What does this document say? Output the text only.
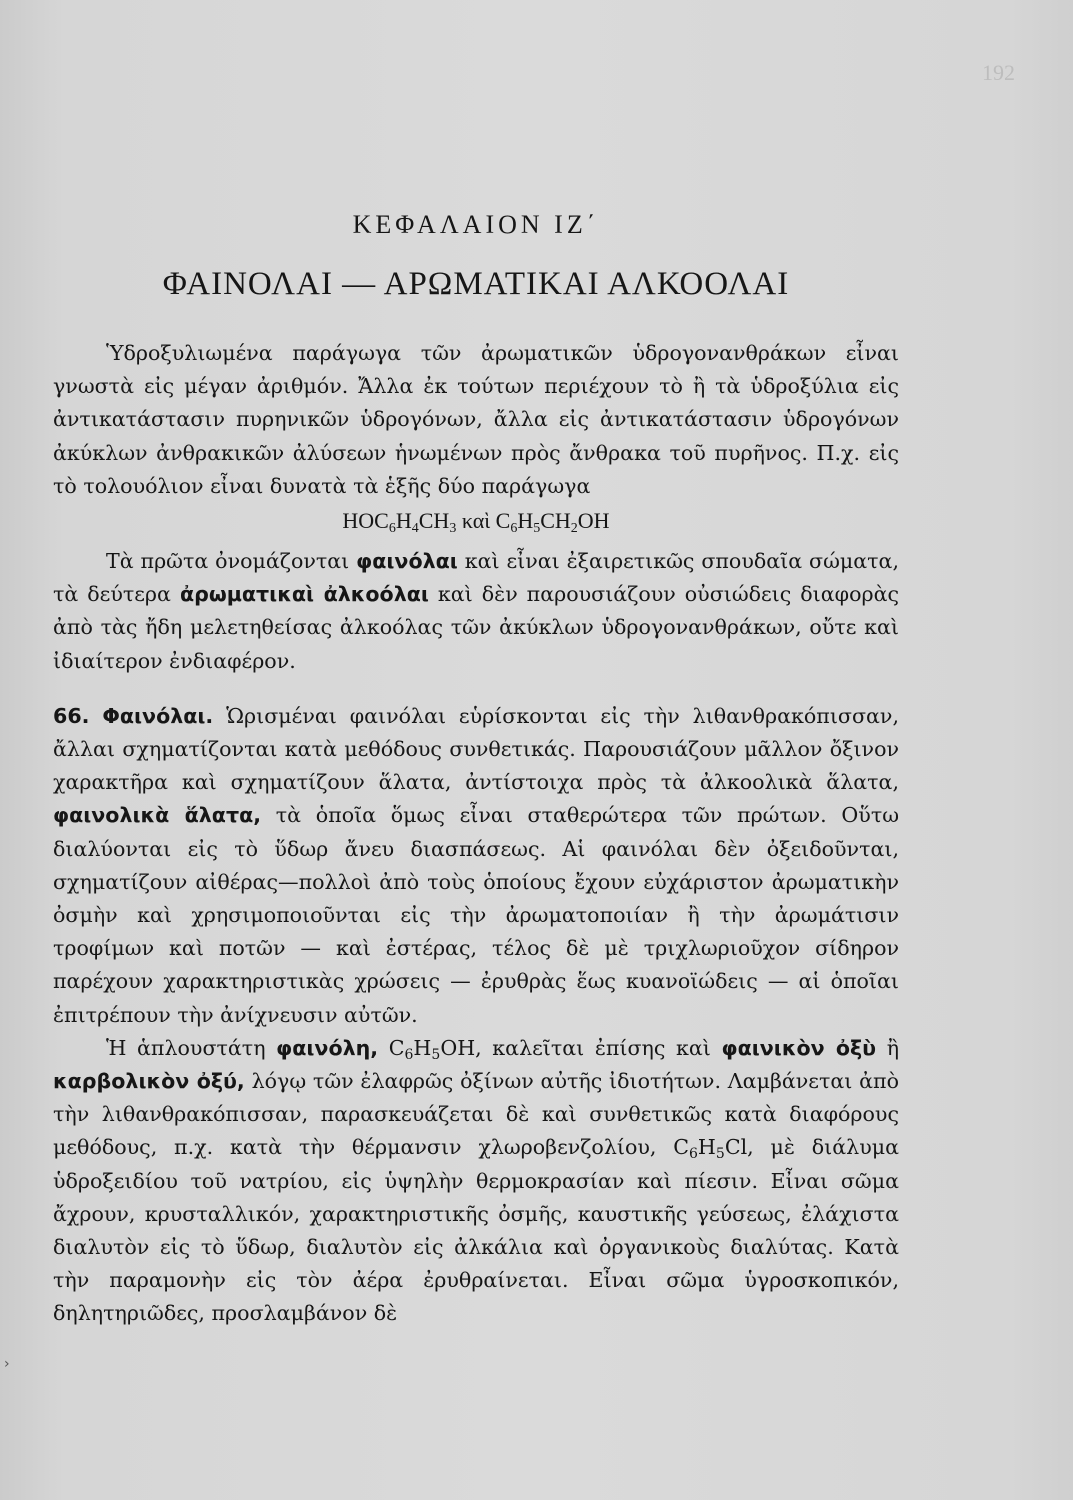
192
›
ΚΕΦΑΛΑΙΟΝ ΙΖ΄
ΦΑΙΝΟΛΑΙ — ΑΡΩΜΑΤΙΚΑΙ ΑΛΚΟΟΛΑΙ

Ὑδροξυλιωμένα παράγωγα τῶν ἀρωματικῶν ὑδρογονανθράκων εἶναι γνωστὰ εἰς μέγαν ἀριθμόν. Ἄλλα ἐκ τούτων περιέχουν τὸ ἢ τὰ ὑδροξύλια εἰς ἀντικατάστασιν πυρηνικῶν ὑδρογόνων, ἄλλα εἰς ἀντικατάστασιν ὑδρογόνων ἀκύκλων ἀνθρακικῶν ἀλύσεων ἡνωμένων πρὸς ἄνθρακα τοῦ πυρῆνος. Π.χ. εἰς τὸ τολουόλιον εἶναι δυνατὰ τὰ ἑξῆς δύο παράγωγα

$HOC_6H_4CH_3$ καὶ $C_6H_5CH_2OH$

Τὰ πρῶτα ὀνομάζονται φαινόλαι καὶ εἶναι ἐξαιρετικῶς σπουδαῖα σώματα, τὰ δεύτερα ἀρωματικαὶ ἀλκοόλαι καὶ δὲν παρουσιάζουν οὐσιώδεις διαφορὰς ἀπὸ τὰς ἤδη μελετηθείσας ἀλκοόλας τῶν ἀκύκλων ὑδρογονανθράκων, οὔτε καὶ ἰδιαίτερον ἐνδιαφέρον.

66. Φαινόλαι. Ὡρισμέναι φαινόλαι εὑρίσκονται εἰς τὴν λιθανθρακόπισσαν, ἄλλαι σχηματίζονται κατὰ μεθόδους συνθετικάς. Παρουσιάζουν μᾶλλον ὄξινον χαρακτῆρα καὶ σχηματίζουν ἅλατα, ἀντίστοιχα πρὸς τὰ ἀλκοολικὰ ἅλατα, φαινολικὰ ἅλατα, τὰ ὁποῖα ὅμως εἶναι σταθερώτερα τῶν πρώτων. Οὕτω διαλύονται εἰς τὸ ὕδωρ ἄνευ διασπάσεως. Αἱ φαινόλαι δὲν ὀξειδοῦνται, σχηματίζουν αἰθέρας—πολλοὶ ἀπὸ τοὺς ὁποίους ἔχουν εὐχάριστον ἀρωματικὴν ὀσμὴν καὶ χρησιμοποιοῦνται εἰς τὴν ἀρωματοποιίαν ἢ τὴν ἀρωμάτισιν τροφίμων καὶ ποτῶν — καὶ ἐστέρας, τέλος δὲ μὲ τριχλωριοῦχον σίδηρον παρέχουν χαρακτηριστικὰς χρώσεις — ἐρυθρὰς ἕως κυανοϊώδεις — αἱ ὁποῖαι ἐπιτρέπουν τὴν ἀνίχνευσιν αὐτῶν.

Ἡ ἁπλουστάτη φαινόλη, $C_6H_5OH$, καλεῖται ἐπίσης καὶ φαινικὸν ὀξὺ ἢ καρβολικὸν ὀξύ, λόγῳ τῶν ἐλαφρῶς ὀξίνων αὐτῆς ἰδιοτήτων. Λαμβάνεται ἀπὸ τὴν λιθανθρακόπισσαν, παρασκευάζεται δὲ καὶ συνθετικῶς κατὰ διαφόρους μεθόδους, π.χ. κατὰ τὴν θέρμανσιν χλωροβενζολίου, $C_6H_5Cl$, μὲ διάλυμα ὑδροξειδίου τοῦ νατρίου, εἰς ὑψηλὴν θερμοκρασίαν καὶ πίεσιν. Εἶναι σῶμα ἄχρουν, κρυσταλλικόν, χαρακτηριστικῆς ὀσμῆς, καυστικῆς γεύσεως, ἐλάχιστα διαλυτὸν εἰς τὸ ὕδωρ, διαλυτὸν εἰς ἀλκάλια καὶ ὀργανικοὺς διαλύτας. Κατὰ τὴν παραμονὴν εἰς τὸν ἀέρα ἐρυθραίνεται. Εἶναι σῶμα ὑγροσκοπικόν, δηλητηριῶδες, προσλαμβάνον δὲ
